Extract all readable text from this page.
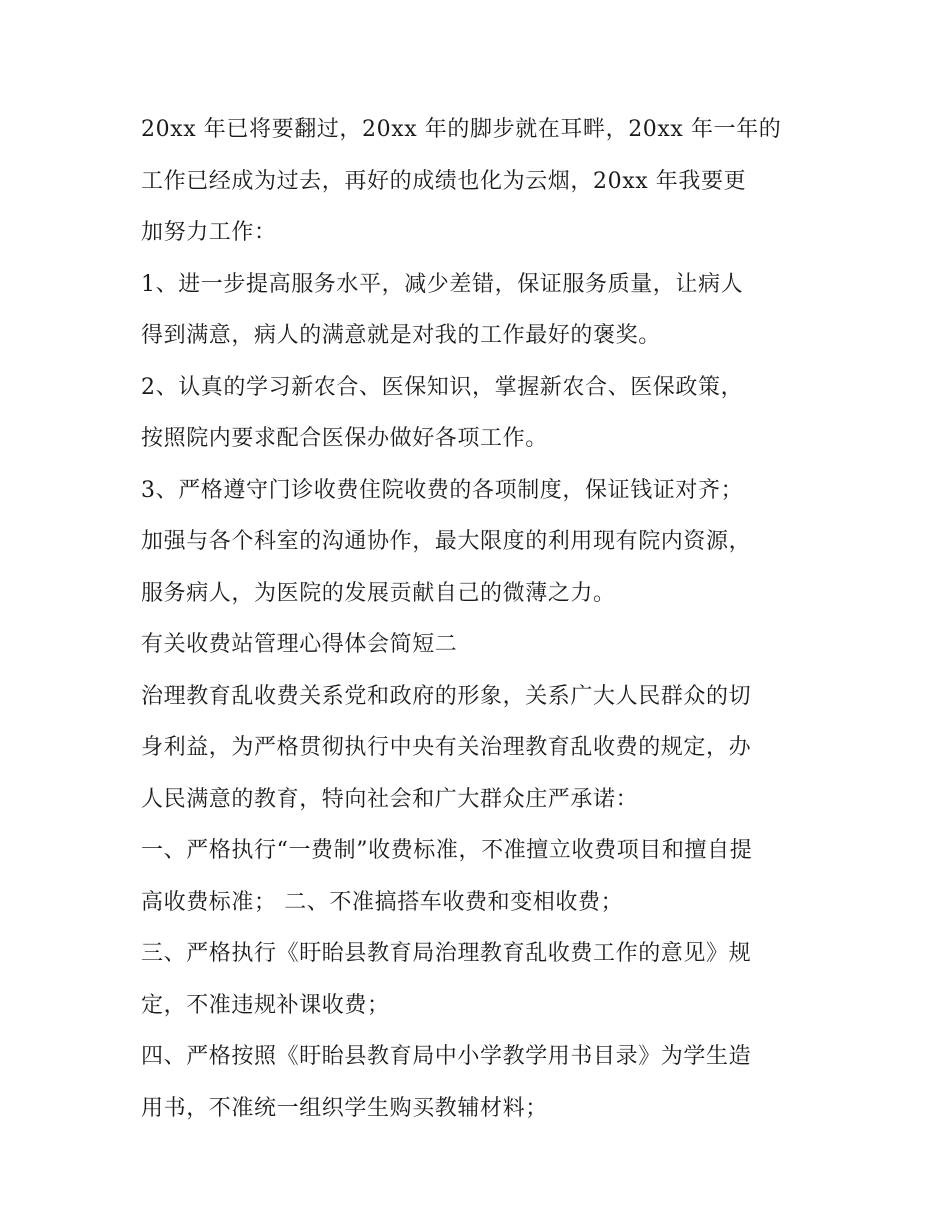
20xx 年已将要翻过，20xx 年的脚步就在耳畔，20xx 年一年的
工作已经成为过去，再好的成绩也化为云烟，20xx 年我要更
加努力工作：
1、进一步提高服务水平，减少差错，保证服务质量，让病人
得到满意，病人的满意就是对我的工作最好的褒奖。
2、认真的学习新农合、医保知识，掌握新农合、医保政策，
按照院内要求配合医保办做好各项工作。
3、严格遵守门诊收费住院收费的各项制度，保证钱证对齐；
加强与各个科室的沟通协作，最大限度的利用现有院内资源，
服务病人，为医院的发展贡献自己的微薄之力。
有关收费站管理心得体会简短二
治理教育乱收费关系党和政府的形象，关系广大人民群众的切
身利益，为严格贯彻执行中央有关治理教育乱收费的规定，办
人民满意的教育，特向社会和广大群众庄严承诺：
一、严格执行“一费制”收费标准，不准擅立收费项目和擅自提
高收费标准； 二、不准搞搭车收费和变相收费；
三、严格执行《盱眙县教育局治理教育乱收费工作的意见》规
定，不准违规补课收费；
四、严格按照《盱眙县教育局中小学教学用书目录》为学生造
用书，不准统一组织学生购买教辅材料；
